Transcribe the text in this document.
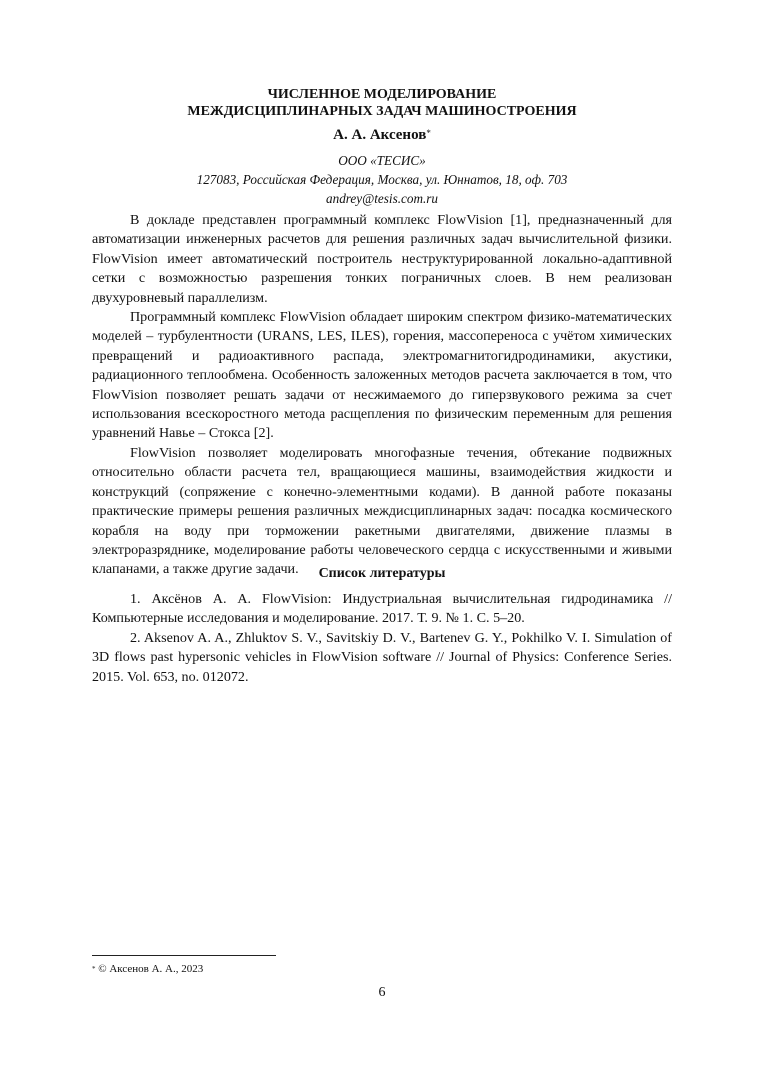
ЧИСЛЕННОЕ МОДЕЛИРОВАНИЕ
МЕЖДИСЦИПЛИНАРНЫХ ЗАДАЧ МАШИНОСТРОЕНИЯ
А. А. Аксенов*
ООО «ТЕСИС»
127083, Российская Федерация, Москва, ул. Юннатов, 18, оф. 703
andrey@tesis.com.ru

В докладе представлен программный комплекс FlowVision [1], предназначенный для автоматизации инженерных расчетов для решения различных задач вычислительной физики. FlowVision имеет автоматический построитель неструктурированной локально-адаптивной сетки с возможностью разрешения тонких пограничных слоев. В нем реализован двухуровневый параллелизм.

Программный комплекс FlowVision обладает широким спектром физико-математических моделей – турбулентности (URANS, LES, ILES), горения, массопереноса с учётом химических превращений и радиоактивного распада, электромагнитогидродинамики, акустики, радиационного теплообмена. Особенность заложенных методов расчета заключается в том, что FlowVision позволяет решать задачи от несжимаемого до гиперзвукового режима за счет использования всескоростного метода расщепления по физическим переменным для решения уравнений Навье – Стокса [2].

FlowVision позволяет моделировать многофазные течения, обтекание подвижных относительно области расчета тел, вращающиеся машины, взаимодействия жидкости и конструкций (сопряжение с конечно-элементными кодами). В данной работе показаны практические примеры решения различных междисциплинарных задач: посадка космического корабля на воду при торможении ракетными двигателями, движение плазмы в электроразряднике, моделирование работы человеческого сердца с искусственными и живыми клапанами, а также другие задачи.	Список литературы

1. Аксёнов А. А. FlowVision: Индустриальная вычислительная гидродинамика // Компьютерные исследования и моделирование. 2017. Т. 9. № 1. С. 5–20.

2. Aksenov A. A., Zhluktov S. V., Savitskiy D. V., Bartenev G. Y., Pokhilko V. I. Simulation of 3D flows past hypersonic vehicles in FlowVision software // Journal of Physics: Conference Series. 2015. Vol. 653, no. 012072.

* © Аксенов А. А., 2023
6
